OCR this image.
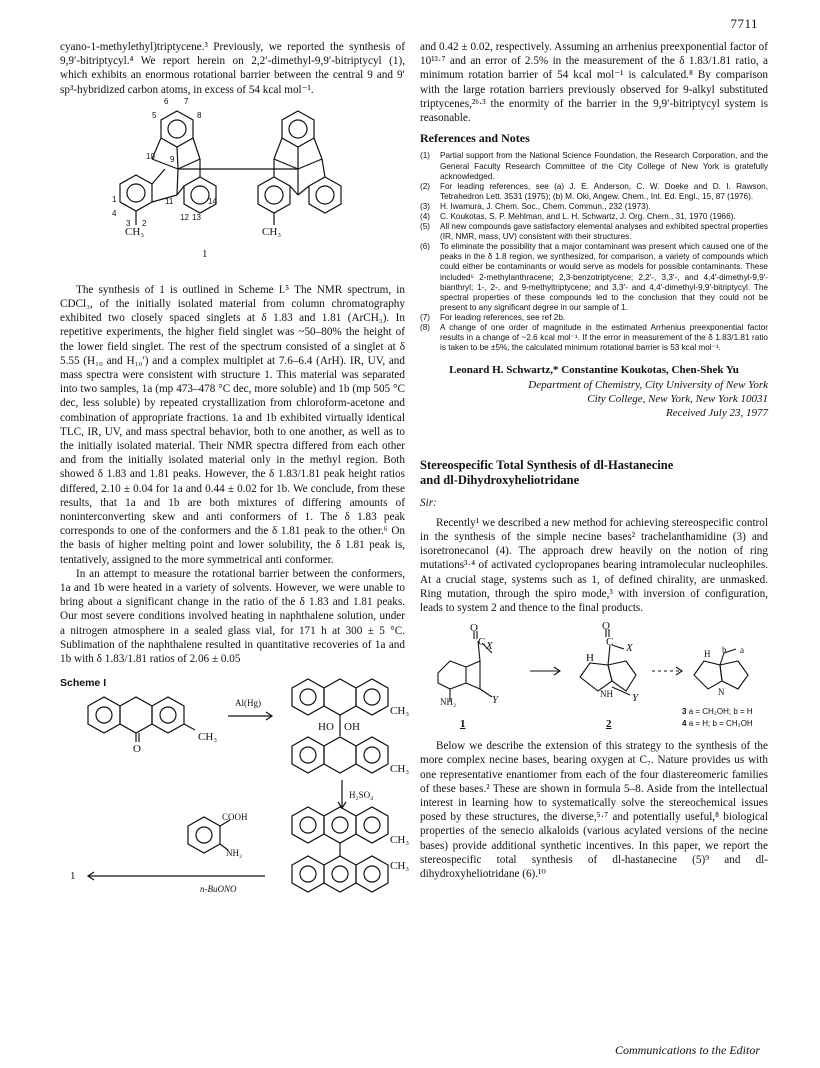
7711

cyano-1-methylethyl)triptycene.³ Previously, we reported the synthesis of 9,9′-bitriptycyl.⁴ We report herein on 2,2′-dimethyl-9,9′-bitriptycyl (1), which exhibits an enormous rotational barrier between the central 9 and 9′ sp³-hybridized carbon atoms, in excess of 54 kcal mol⁻¹.

6 7
5	8
9
10
11	14
12 13
4
3 2
1
CH₃	CH₃
1

The synthesis of 1 is outlined in Scheme I.⁵ The NMR spectrum, in CDCl₃, of the initially isolated material from column chromatography exhibited two closely spaced singlets at δ 1.83 and 1.81 (ArCH₃). In repetitive experiments, the higher field singlet was ~50–80% the height of the lower field singlet. The rest of the spectrum consisted of a singlet at δ 5.55 (H₁₀ and H₁₀′) and a complex multiplet at 7.6–6.4 (ArH). IR, UV, and mass spectra were consistent with structure 1. This material was separated into two samples, 1a (mp 473–478 °C dec, more soluble) and 1b (mp 505 °C dec, less soluble) by repeated crystallization from chloroform-acetone and combination of appropriate fractions. 1a and 1b exhibited virtually identical TLC, IR, UV, and mass spectral behavior, both to one another, as well as to the initially isolated material. Their NMR spectra differed from each other and from the initially isolated material only in the methyl region. Both showed δ 1.83 and 1.81 peaks. However, the δ 1.83/1.81 peak height ratios differed, 2.10 ± 0.04 for 1a and 0.44 ± 0.02 for 1b. We conclude, from these results, that 1a and 1b are both mixtures of differing amounts of noninterconverting skew and anti conformers of 1. The δ 1.83 peak corresponds to one of the conformers and the δ 1.81 peak to the other.⁶ On the basis of higher melting point and lower solubility, the δ 1.81 peak is, tentatively, assigned to the more symmetrical anti conformer.

In an attempt to measure the rotational barrier between the conformers, 1a and 1b were heated in a variety of solvents. However, we were unable to bring about a significant change in the ratio of the δ 1.83 and 1.81 peaks. Our most severe conditions involved heating in naphthalene solution, under a nitrogen atmosphere in a sealed glass vial, for 171 h at 300 ± 5 °C. Sublimation of the naphthalene resulted in quantitative recoveries of 1a and 1b with δ 1.83/1.81 ratios of 2.06 ± 0.05

Scheme I
CH₃
O
Al(Hg)
CH₃
HO OH
CH₃
H₂SO₄
COOH
NH₂
CH₃
CH₃
1
n-BuONO

and 0.42 ± 0.02, respectively. Assuming an arrhenius preexponential factor of 10¹³·⁷ and an error of 2.5% in the measurement of the δ 1.83/1.81 ratio, a minimum rotation barrier of 54 kcal mol⁻¹ is calculated.⁸ By comparison with the large rotation barriers previously observed for 9-alkyl substituted triptycenes,²ᵇ·³ the enormity of the barrier in the 9,9′-bitriptycyl system is reasonable.

References and Notes
(1) Partial support from the National Science Foundation, the Research Corporation, and the General Faculty Research Committee of the City College of New York is gratefully acknowledged.
(2) For leading references, see (a) J. E. Anderson, C. W. Doeke and D. I. Rawson, Tetrahedron Lett. 3531 (1975); (b) M. Oki, Angew. Chem., Int. Ed. Engl., 15, 87 (1976).
(3) H. Iwamura, J. Chem. Soc., Chem. Commun., 232 (1973).
(4) C. Koukotas, S. P. Mehlman, and L. H. Schwartz, J. Org. Chem., 31, 1970 (1966).
(5) All new compounds gave satisfactory elemental analyses and exhibited spectral properties (IR, NMR, mass, UV) consistent with their structures.
(6) To eliminate the possibility that a major contaminant was present which caused one of the peaks in the δ 1.8 region, we synthesized, for comparison, a variety of compounds which could either be contaminants or would serve as models for possible contaminants. These included⁵ 2-methylanthracene; 2,3-benzotriptycene; 2,2′-, 3,3′-, and 4,4′-dimethyl-9,9′-bianthryl; 1-, 2-, and 9-methyltriptycene; and 3,3′- and 4,4′-dimethyl-9,9′-bitriptycyl. The spectral properties of these compounds led to the conclusion that they could not be present to any significant degree in our sample of 1.
(7) For leading references, see ref 2b.
(8) A change of one order of magnitude in the estimated Arrhenius preexponential factor results in a change of ~2.6 kcal mol⁻¹. If the error in measurement of the δ 1.83/1.81 ratio is taken to be ±5%, the calculated minimum rotational barrier is 53 kcal mol⁻¹.
Leonard H. Schwartz,* Constantine Koukotas, Chen-Shek Yu
Department of Chemistry, City University of New York
City College, New York, New York 10031
Received July 23, 1977
Stereospecific Total Synthesis of dl-Hastanecine
and dl-Dihydroxyheliotridane
Sir:

Recently¹ we described a new method for achieving stereospecific control in the synthesis of the simple necine bases² trachelanthamidine (3) and isoretronecanol (4). The approach drew heavily on the notion of ring mutations³·⁴ of activated cyclopropanes bearing intramolecular nucleophiles. At a crucial stage, systems such as 1, of defined chirality, are unmasked. Ring mutation, through the spiro mode,³ with inversion of configuration, leads to system 2 and thence to the final products.

O
C X
NH₂	Y
1
O
C X
H
NH Y
2
H b a
N
3 a = CH₂OH; b = H
4 a = H; b = CH₂OH

Below we describe the extension of this strategy to the synthesis of the more complex necine bases, bearing oxygen at C₇. Nature provides us with one representative enantiomer from each of the four diastereomeric families of these bases.² These are shown in formula 5–8. Aside from the intellectual interest in learning how to systematically solve the stereochemical issues posed by these structures, the diverse,⁵·⁷ and potentially useful,⁸ biological properties of the senecio alkaloids (various acylated versions of the necine bases) provide additional synthetic incentives. In this paper, we report the stereospecific total synthesis of dl-hastanecine (5)⁹ and dl-dihydroxyheliotridane (6).¹⁰

Communications to the Editor
